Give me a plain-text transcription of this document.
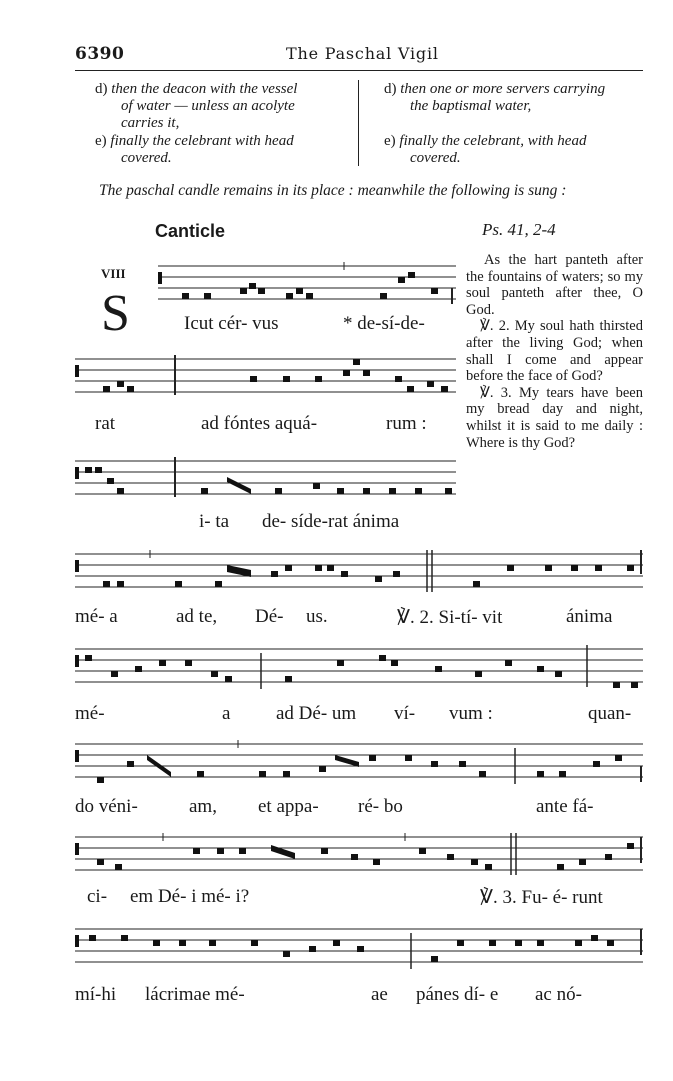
6390	The Paschal Vigil
d) then the deacon with the vessel
of water — unless an acolyte
carries it,
e) finally the celebrant with head
covered.
d) then one or more servers carrying
the baptismal water,
e) finally the celebrant, with head
covered.
The paschal candle remains in its place : meanwhile the following is sung :
Canticle	Ps. 41, 2-4
VIII
S

As the hart panteth after the fountains of waters; so my soul panteth after thee, O God.

℣. 2. My soul hath thirsted after the living God; when shall I come and appear before the face of God?

℣. 3. My tears have been my bread day and night, whilst it is said to me daily : Where is thy God?

Icut cér- vus	* de-sí-de-
rat	ad fóntes aquá-	rum :
i- ta de- síde-rat ánima
mé- a	ad te, Dé- us.	℣. 2. Si-tí- vit	ánima
mé-	a ad Dé- um ví- vum :	quan-
do véni-	am, et appa- ré- bo	ante fá-
ci- em Dé- i mé- i?	℣. 3. Fu- é- runt
mí-hi lácrimae mé-	ae pánes dí- e ac nó-
